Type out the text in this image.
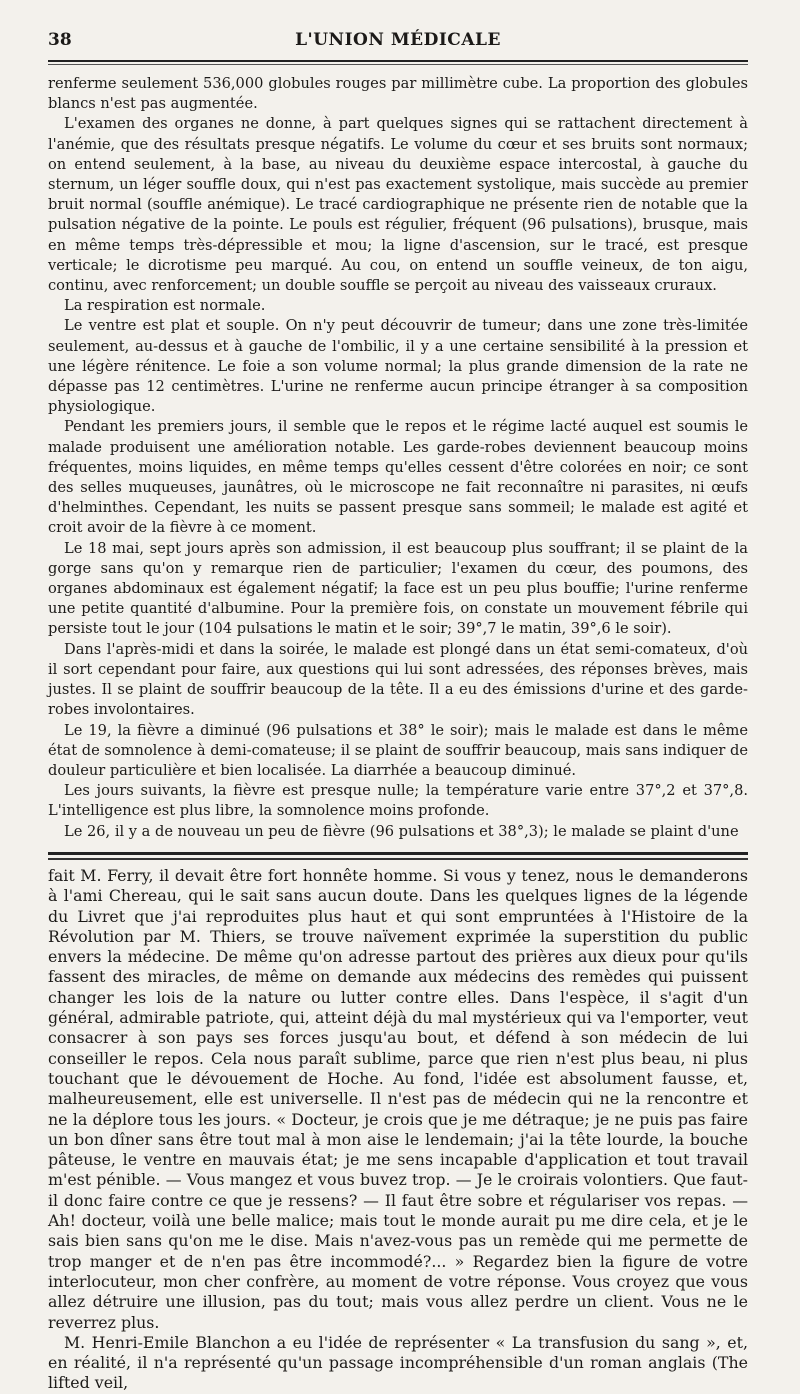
38	L'UNION MÉDICALE

renferme seulement 536,000 globules rouges par millimètre cube. La proportion des globules blancs n'est pas augmentée.

L'examen des organes ne donne, à part quelques signes qui se rattachent directement à l'anémie, que des résultats presque négatifs. Le volume du cœur et ses bruits sont normaux; on entend seulement, à la base, au niveau du deuxième espace intercostal, à gauche du sternum, un léger souffle doux, qui n'est pas exactement systolique, mais succède au premier bruit normal (souffle anémique). Le tracé cardiographique ne présente rien de notable que la pulsation négative de la pointe. Le pouls est régulier, fréquent (96 pulsations), brusque, mais en même temps très-dépressible et mou; la ligne d'ascension, sur le tracé, est presque verticale; le dicrotisme peu marqué. Au cou, on entend un souffle veineux, de ton aigu, continu, avec renforcement; un double souffle se perçoit au niveau des vaisseaux cruraux.

La respiration est normale.

Le ventre est plat et souple. On n'y peut découvrir de tumeur; dans une zone très-limitée seulement, au-dessus et à gauche de l'ombilic, il y a une certaine sensibilité à la pression et une légère rénitence. Le foie a son volume normal; la plus grande dimension de la rate ne dépasse pas 12 centimètres. L'urine ne renferme aucun principe étranger à sa composition physiologique.

Pendant les premiers jours, il semble que le repos et le régime lacté auquel est soumis le malade produisent une amélioration notable. Les garde-robes deviennent beaucoup moins fréquentes, moins liquides, en même temps qu'elles cessent d'être colorées en noir; ce sont des selles muqueuses, jaunâtres, où le microscope ne fait reconnaître ni parasites, ni œufs d'helminthes. Cependant, les nuits se passent presque sans sommeil; le malade est agité et croit avoir de la fièvre à ce moment.

Le 18 mai, sept jours après son admission, il est beaucoup plus souffrant; il se plaint de la gorge sans qu'on y remarque rien de particulier; l'examen du cœur, des poumons, des organes abdominaux est également négatif; la face est un peu plus bouffie; l'urine renferme une petite quantité d'albumine. Pour la première fois, on constate un mouvement fébrile qui persiste tout le jour (104 pulsations le matin et le soir; 39°,7 le matin, 39°,6 le soir).

Dans l'après-midi et dans la soirée, le malade est plongé dans un état semi-comateux, d'où il sort cependant pour faire, aux questions qui lui sont adressées, des réponses brèves, mais justes. Il se plaint de souffrir beaucoup de la tête. Il a eu des émissions d'urine et des garde-robes involontaires.

Le 19, la fièvre a diminué (96 pulsations et 38° le soir); mais le malade est dans le même état de somnolence à demi-comateuse; il se plaint de souffrir beaucoup, mais sans indiquer de douleur particulière et bien localisée. La diarrhée a beaucoup diminué.

Les jours suivants, la fièvre est presque nulle; la température varie entre 37°,2 et 37°,8. L'intelligence est plus libre, la somnolence moins profonde.

Le 26, il y a de nouveau un peu de fièvre (96 pulsations et 38°,3); le malade se plaint d'une

fait M. Ferry, il devait être fort honnête homme. Si vous y tenez, nous le demanderons à l'ami Chereau, qui le sait sans aucun doute. Dans les quelques lignes de la légende du Livret que j'ai reproduites plus haut et qui sont empruntées à l'Histoire de la Révolution par M. Thiers, se trouve naïvement exprimée la superstition du public envers la médecine. De même qu'on adresse partout des prières aux dieux pour qu'ils fassent des miracles, de même on demande aux médecins des remèdes qui puissent changer les lois de la nature ou lutter contre elles. Dans l'espèce, il s'agit d'un général, admirable patriote, qui, atteint déjà du mal mystérieux qui va l'emporter, veut consacrer à son pays ses forces jusqu'au bout, et défend à son médecin de lui conseiller le repos. Cela nous paraît sublime, parce que rien n'est plus beau, ni plus touchant que le dévouement de Hoche. Au fond, l'idée est absolument fausse, et, malheureusement, elle est universelle. Il n'est pas de médecin qui ne la rencontre et ne la déplore tous les jours. « Docteur, je crois que je me détraque; je ne puis pas faire un bon dîner sans être tout mal à mon aise le lendemain; j'ai la tête lourde, la bouche pâteuse, le ventre en mauvais état; je me sens incapable d'application et tout travail m'est pénible. — Vous mangez et vous buvez trop. — Je le croirais volontiers. Que faut-il donc faire contre ce que je ressens? — Il faut être sobre et régulariser vos repas. — Ah! docteur, voilà une belle malice; mais tout le monde aurait pu me dire cela, et je le sais bien sans qu'on me le dise. Mais n'avez-vous pas un remède qui me permette de trop manger et de n'en pas être incommodé?... » Regardez bien la figure de votre interlocuteur, mon cher confrère, au moment de votre réponse. Vous croyez que vous allez détruire une illusion, pas du tout; mais vous allez perdre un client. Vous ne le reverrez plus.

M. Henri-Emile Blanchon a eu l'idée de représenter « La transfusion du sang », et, en réalité, il n'a représenté qu'un passage incompréhensible d'un roman anglais (The lifted veil,
